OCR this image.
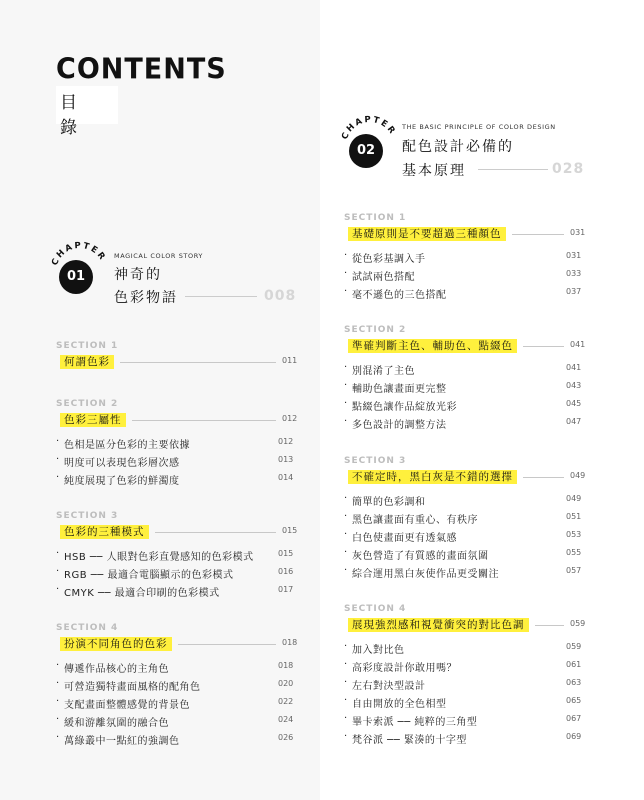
CONTENTS
目錄
CHAPTER
01
MAGICAL COLOR STORY
神奇的
色彩物語	008
CHAPTER
02
THE BASIC PRINCIPLE OF COLOR DESIGN
配色設計必備的
基本原理	028
SECTION 1
何謂色彩	011
SECTION 2
色彩三屬性	012
· 色相是區分色彩的主要依據	012
· 明度可以表現色彩層次感	013
· 純度展現了色彩的鮮濁度	014
SECTION 3
色彩的三種模式	015
· HSB ── 人眼對色彩直覺感知的色彩模式	015
· RGB ── 最適合電腦顯示的色彩模式	016
· CMYK ── 最適合印刷的色彩模式	017
SECTION 4
扮演不同角色的色彩	018
· 傳遞作品核心的主角色	018
· 可營造獨特畫面風格的配角色	020
· 支配畫面整體感覺的背景色	022
· 緩和游離氛圍的融合色	024
· 萬綠叢中一點紅的強調色	026
SECTION 1
基礎原則是不要超過三種顏色	031
· 從色彩基調入手	031
· 試試兩色搭配	033
· 毫不遜色的三色搭配	037
SECTION 2
準確判斷主色、輔助色、點綴色	041
· 別混淆了主色	041
· 輔助色讓畫面更完整	043
· 點綴色讓作品綻放光彩	045
· 多色設計的調整方法	047
SECTION 3
不確定時，黑白灰是不錯的選擇	049
· 簡單的色彩調和	049
· 黑色讓畫面有重心、有秩序	051
· 白色使畫面更有透氣感	053
· 灰色營造了有質感的畫面氛圍	055
· 綜合運用黑白灰使作品更受關注	057
SECTION 4
展現強烈感和視覺衝突的對比色調	059
· 加入對比色	059
· 高彩度設計你敢用嗎？	061
· 左右對決型設計	063
· 自由開放的全色相型	065
· 畢卡索派 ── 純粹的三角型	067
· 梵谷派 ── 緊湊的十字型	069
